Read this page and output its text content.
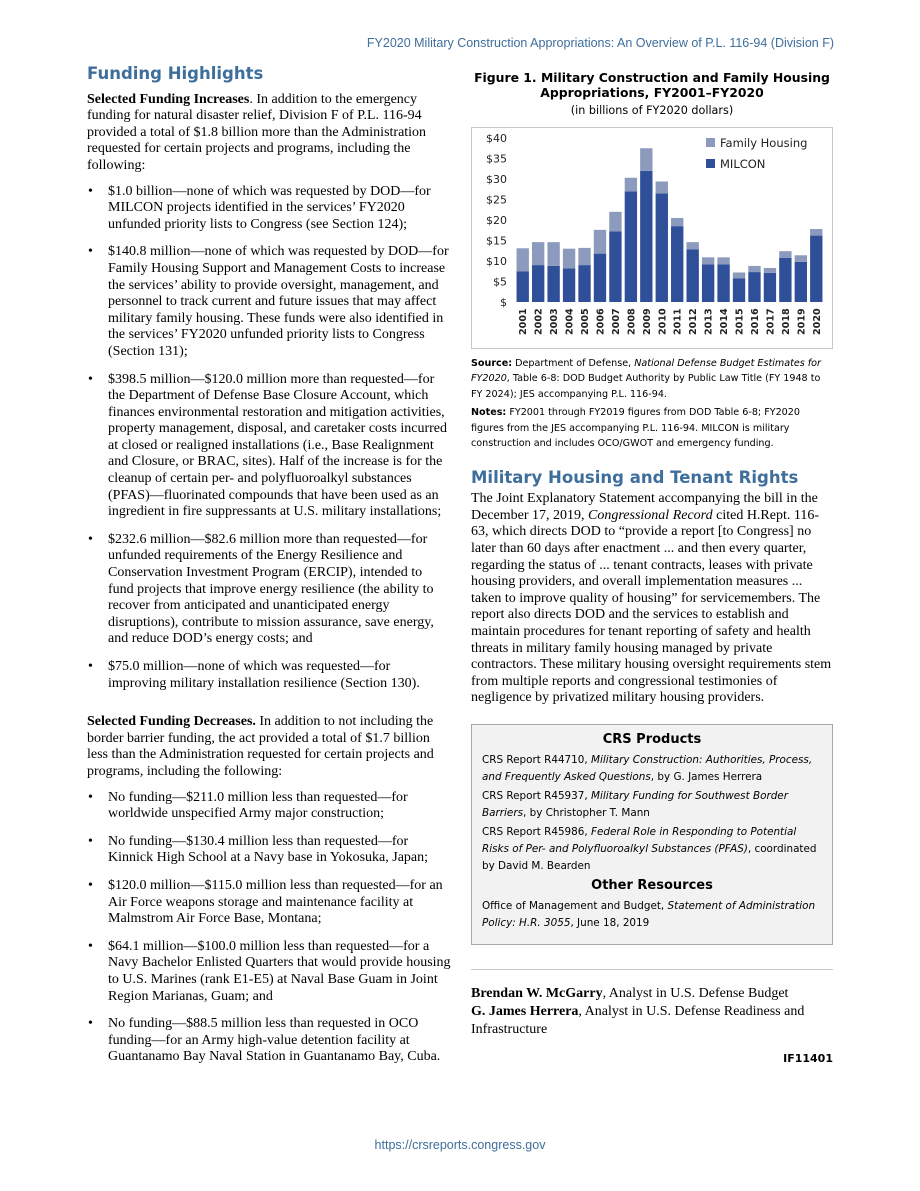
FY2020 Military Construction Appropriations: An Overview of P.L. 116-94 (Division F)
Funding Highlights

Selected Funding Increases. In addition to the emergency funding for natural disaster relief, Division F of P.L. 116-94 provided a total of $1.8 billion more than the Administration requested for certain projects and programs, including the following:

• $1.0 billion—none of which was requested by DOD—for MILCON projects identified in the services’ FY2020 unfunded priority lists to Congress (see Section 124);
• $140.8 million—none of which was requested by DOD—for Family Housing Support and Management Costs to increase the services’ ability to provide oversight, management, and personnel to track current and future issues that may affect military family housing. These funds were also identified in the services’ FY2020 unfunded priority lists to Congress (Section 131);
• $398.5 million—$120.0 million more than requested—for the Department of Defense Base Closure Account, which finances environmental restoration and mitigation activities, property management, disposal, and caretaker costs incurred at closed or realigned installations (i.e., Base Realignment and Closure, or BRAC, sites). Half of the increase is for the cleanup of certain per- and polyfluoroalkyl substances (PFAS)—fluorinated compounds that have been used as an ingredient in fire suppressants at U.S. military installations;
• $232.6 million—$82.6 million more than requested—for unfunded requirements of the Energy Resilience and Conservation Investment Program (ERCIP), intended to fund projects that improve energy resilience (the ability to recover from anticipated and unanticipated energy disruptions), contribute to mission assurance, save energy, and reduce DOD’s energy costs; and
• $75.0 million—none of which was requested—for improving military installation resilience (Section 130).

Selected Funding Decreases. In addition to not including the border barrier funding, the act provided a total of $1.7 billion less than the Administration requested for certain projects and programs, including the following:

• No funding—$211.0 million less than requested—for worldwide unspecified Army major construction;
• No funding—$130.4 million less than requested—for Kinnick High School at a Navy base in Yokosuka, Japan;
• $120.0 million—$115.0 million less than requested—for an Air Force weapons storage and maintenance facility at Malmstrom Air Force Base, Montana;
• $64.1 million—$100.0 million less than requested—for a Navy Bachelor Enlisted Quarters that would provide housing to U.S. Marines (rank E1-E5) at Naval Base Guam in Joint Region Marianas, Guam; and
• No funding—$88.5 million less than requested in OCO funding—for an Army high-value detention facility at Guantanamo Bay Naval Station in Guantanamo Bay, Cuba.
Figure 1. Military Construction and Family Housing
Appropriations, FY2001–FY2020
(in billions of FY2020 dollars)
$
$5
$10
$15
$20
$25
$30
$35
$40
2001 2002 2003 2004 2005 2006 2007 2008 2009 2010 2011 2012 2013 2014 2015 2016 2017 2018 2019 2020
Family Housing
MILCON

Source: Department of Defense, National Defense Budget Estimates for FY2020, Table 6-8: DOD Budget Authority by Public Law Title (FY 1948 to FY 2024); JES accompanying P.L. 116-94.

Notes: FY2001 through FY2019 figures from DOD Table 6-8; FY2020 figures from the JES accompanying P.L. 116-94. MILCON is military construction and includes OCO/GWOT and emergency funding.

Military Housing and Tenant Rights

The Joint Explanatory Statement accompanying the bill in the December 17, 2019, Congressional Record cited H.Rept. 116-63, which directs DOD to “provide a report [to Congress] no later than 60 days after enactment ... and then every quarter, regarding the status of ... tenant contracts, leases with private housing providers, and overall implementation measures ... taken to improve quality of housing” for servicemembers. The report also directs DOD and the services to establish and maintain procedures for tenant reporting of safety and health threats in military family housing managed by private contractors. These military housing oversight requirements stem from multiple reports and congressional testimonies of negligence by privatized military housing providers.

CRS Products
CRS Report R44710, Military Construction: Authorities, Process, and Frequently Asked Questions, by G. James Herrera
CRS Report R45937, Military Funding for Southwest Border Barriers, by Christopher T. Mann
CRS Report R45986, Federal Role in Responding to Potential Risks of Per- and Polyfluoroalkyl Substances (PFAS), coordinated by David M. Bearden
Other Resources
Office of Management and Budget, Statement of Administration Policy: H.R. 3055, June 18, 2019
Brendan W. McGarry, Analyst in U.S. Defense Budget
G. James Herrera, Analyst in U.S. Defense Readiness and Infrastructure
IF11401
https://crsreports.congress.gov
